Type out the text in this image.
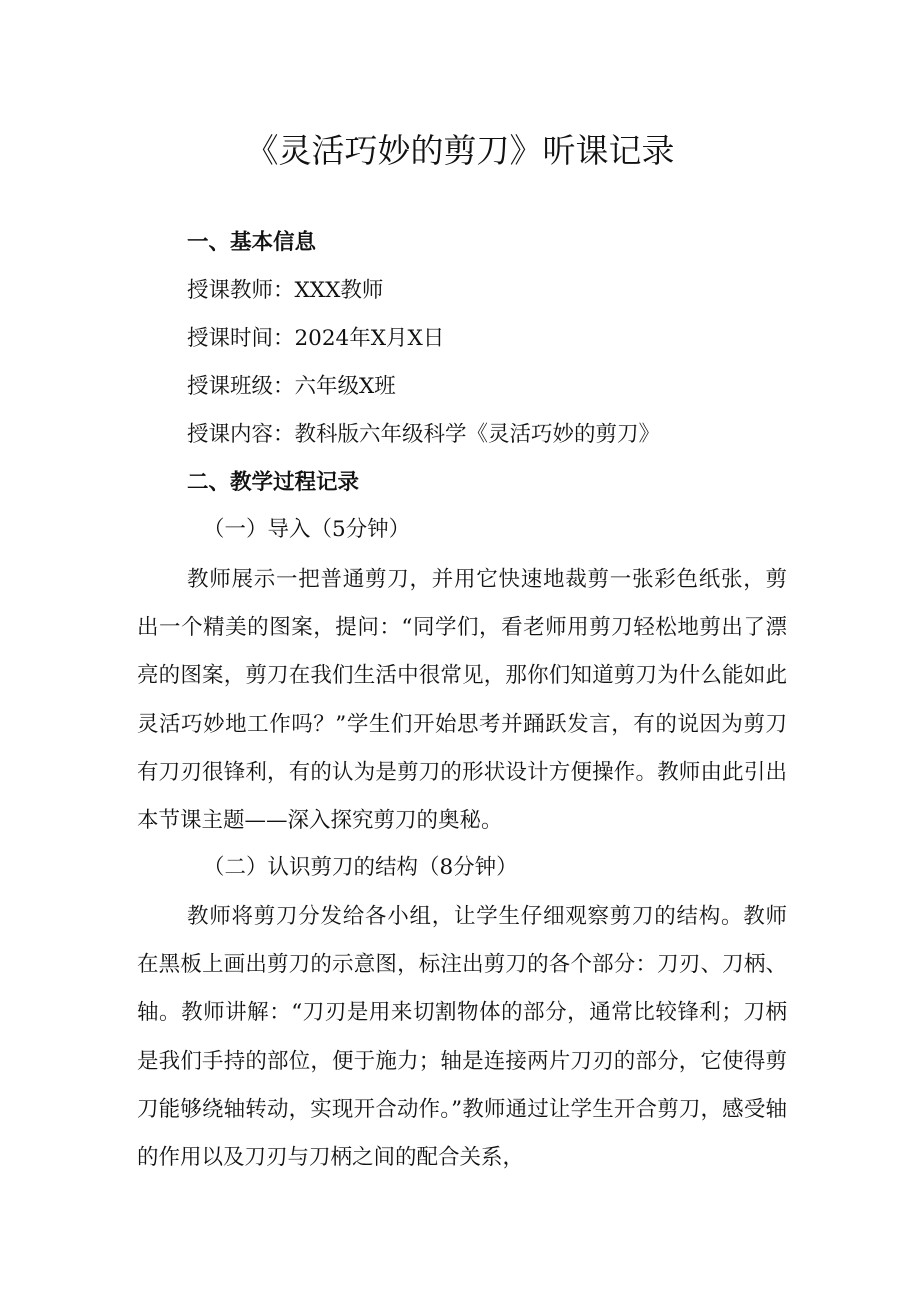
《灵活巧妙的剪刀》听课记录
一、基本信息
授课教师：XXX教师
授课时间：2024年X月X日
授课班级：六年级X班
授课内容：教科版六年级科学《灵活巧妙的剪刀》
二、教学过程记录
（一）导入（5分钟）

教师展示一把普通剪刀，并用它快速地裁剪一张彩色纸张，剪出一个精美的图案，提问：“同学们，看老师用剪刀轻松地剪出了漂亮的图案，剪刀在我们生活中很常见，那你们知道剪刀为什么能如此灵活巧妙地工作吗？”学生们开始思考并踊跃发言，有的说因为剪刀有刀刃很锋利，有的认为是剪刀的形状设计方便操作。教师由此引出本节课主题——深入探究剪刀的奥秘。

（二）认识剪刀的结构（8分钟）

教师将剪刀分发给各小组，让学生仔细观察剪刀的结构。教师在黑板上画出剪刀的示意图，标注出剪刀的各个部分：刀刃、刀柄、轴。教师讲解：“刀刃是用来切割物体的部分，通常比较锋利；刀柄是我们手持的部位，便于施力；轴是连接两片刀刃的部分，它使得剪刀能够绕轴转动，实现开合动作。”教师通过让学生开合剪刀，感受轴的作用以及刀刃与刀柄之间的配合关系，
